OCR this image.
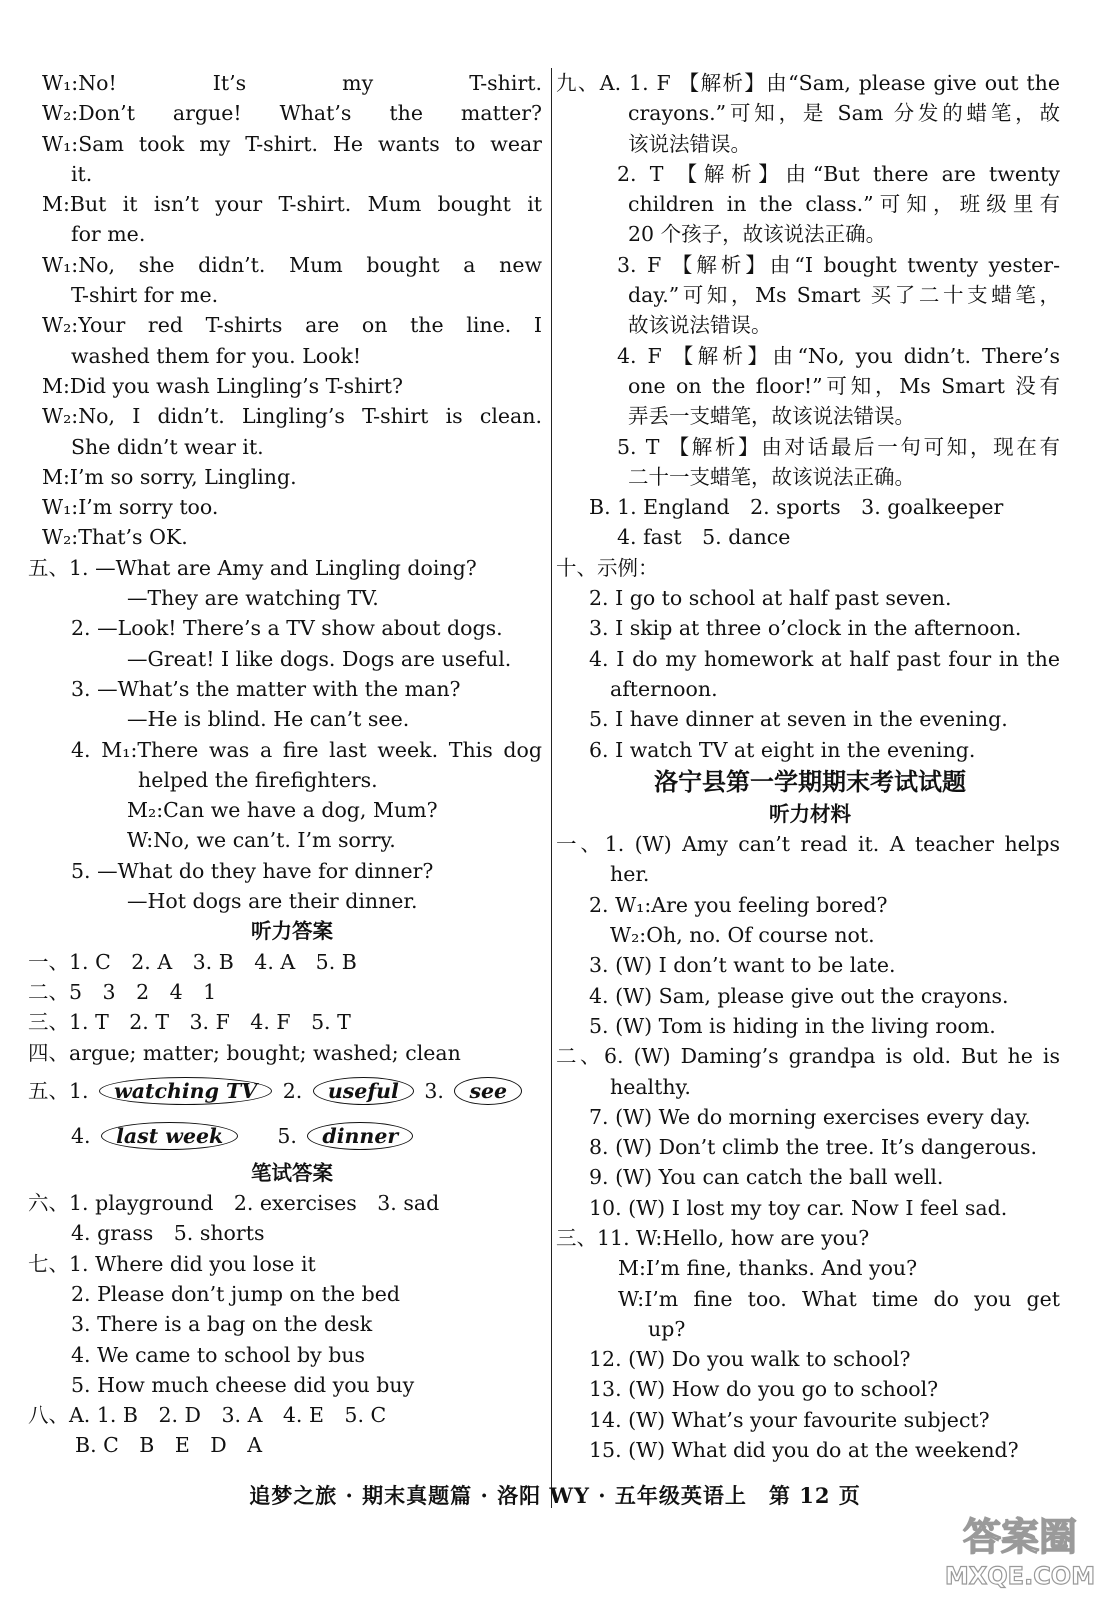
W₁:No! It’s my T-shirt.
W₂:Don’t argue! What’s the matter?
W₁:Sam took my T-shirt. He wants to wear
it.
M:But it isn’t your T-shirt. Mum bought it
for me.
W₁:No, she didn’t. Mum bought a new
T-shirt for me.
W₂:Your red T-shirts are on the line. I
washed them for you. Look!
M:Did you wash Lingling’s T-shirt?
W₂:No, I didn’t. Lingling’s T-shirt is clean.
She didn’t wear it.
M:I’m so sorry, Lingling.
W₁:I’m sorry too.
W₂:That’s OK.
五、1. —What are Amy and Lingling doing?
—They are watching TV.
2. —Look! There’s a TV show about dogs.
—Great! I like dogs. Dogs are useful.
3. —What’s the matter with the man?
—He is blind. He can’t see.
4. M₁:There was a fire last week. This dog
helped the firefighters.
M₂:Can we have a dog, Mum?
W:No, we can’t. I’m sorry.
5. —What do they have for dinner?
—Hot dogs are their dinner.
听力答案
一、1. C　2. A　3. B　4. A　5. B
二、5　3　2　4　1
三、1. T　2. T　3. F　4. F　5. T
四、argue; matter; bought; washed; clean
五、1. watching TV 2. useful 3. see
4. last week	5. dinner
笔试答案
六、1. playground　2. exercises　3. sad
4. grass　5. shorts
七、1. Where did you lose it
2. Please don’t jump on the bed
3. There is a bag on the desk
4. We came to school by bus
5. How much cheese did you buy
八、A. 1. B　2. D　3. A　4. E　5. C
B. C　B　E　D　A
九、A. 1. F 【解析】由“Sam, please give out the
crayons.”可知，是 Sam 分发的蜡笔，故
该说法错误。
2. T 【解析】由“But there are twenty
children in the class.”可知，班级里有
20 个孩子，故该说法正确。
3. F 【解析】由“I bought twenty yester-
day.”可知，Ms Smart 买了二十支蜡笔，
故该说法错误。
4. F 【解析】由“No, you didn’t. There’s
one on the floor!”可知，Ms Smart 没有
弄丢一支蜡笔，故该说法错误。
5. T 【解析】由对话最后一句可知，现在有
二十一支蜡笔，故该说法正确。
B. 1. England　2. sports　3. goalkeeper
4. fast　5. dance
十、示例：
2. I go to school at half past seven.
3. I skip at three o’clock in the afternoon.
4. I do my homework at half past four in the
afternoon.
5. I have dinner at seven in the evening.
6. I watch TV at eight in the evening.
洛宁县第一学期期末考试试题
听力材料
一、1. (W) Amy can’t read it. A teacher helps
her.
2. W₁:Are you feeling bored?
W₂:Oh, no. Of course not.
3. (W) I don’t want to be late.
4. (W) Sam, please give out the crayons.
5. (W) Tom is hiding in the living room.
二、6. (W) Daming’s grandpa is old. But he is
healthy.
7. (W) We do morning exercises every day.
8. (W) Don’t climb the tree. It’s dangerous.
9. (W) You can catch the ball well.
10. (W) I lost my toy car. Now I feel sad.
三、11. W:Hello, how are you?
M:I’m fine, thanks. And you?
W:I’m fine too. What time do you get
up?
12. (W) Do you walk to school?
13. (W) How do you go to school?
14. (W) What’s your favourite subject?
15. (W) What did you do at the weekend?
追梦之旅 · 期末真题篇 · 洛阳 WY · 五年级英语上　第 12 页
答案圈
MXQE.COM
